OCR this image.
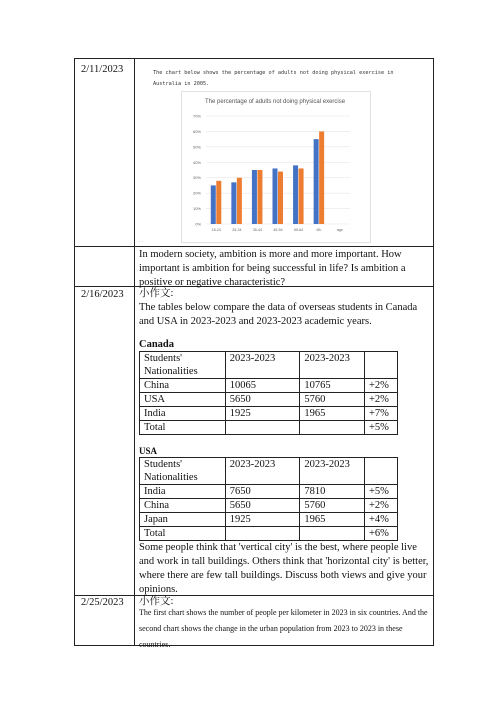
2/11/2023	The chart below shows the percentage of adults not doing physical exercise in Australia in 2005.
The percentage of adults not doing physical exercise
0%
10%
20%
30%
40%
50%
60%
70%
18-24	25-34	35-44	45-54	55-64	65-	age
· ·
In modern society, ambition is more and more important. How important is ambition for being successful in life? Is ambition a positive or negative characteristic?
2/16/2023 小作文:
The tables below compare the data of overseas students in Canada and USA in 2023-2023 and 2023-2023 academic years.
Canada
Students' Nationalities	2023-2023	2023-2023	
China	10065	10765	+2%
USA	5650	5760	+2%
India	1925	1965	+7%
Total			+5%
USA
Students' Nationalities	2023-2023	2023-2023	
India	7650	7810	+5%
China	5650	5760	+2%
Japan	1925	1965	+4%
Total			+6%
Some people think that 'vertical city' is the best, where people live and work in tall buildings. Others think that 'horizontal city' is better, where there are few tall buildings. Discuss both views and give your opinions.
2/25/2023 小作文:
The first chart shows the number of people per kilometer in 2023 in six countries. And the second chart shows the change in the urban population from 2023 to 2023 in these countries.
